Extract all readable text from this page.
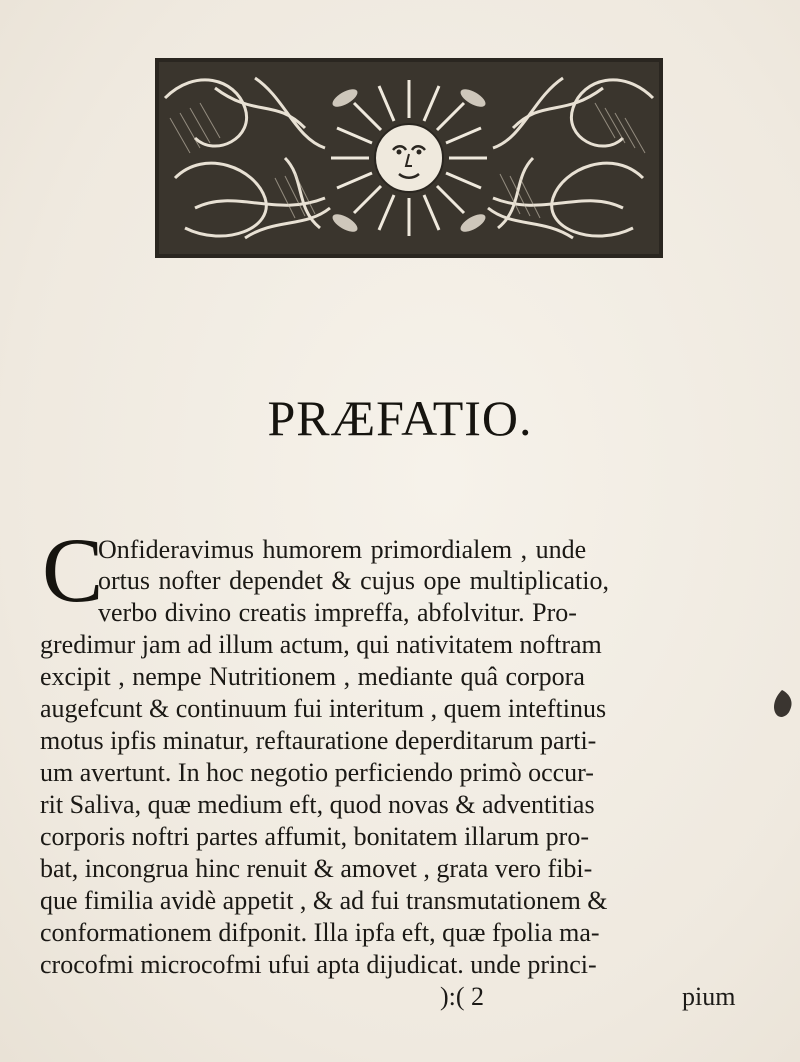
PRÆFATIO.
C
Onfideravimus humorem primordialem , unde
ortus nofter dependet & cujus ope multiplicatio,
verbo divino creatis impreffa, abfolvitur. Pro-
gredimur jam ad illum actum, qui nativitatem noftram
excipit , nempe Nutritionem , mediante quâ corpora
augefcunt & continuum fui interitum , quem inteftinus
motus ipfis minatur, reftauratione deperditarum parti-
um avertunt. In hoc negotio perficiendo primò occur-
rit Saliva, quæ medium eft, quod novas & adventitias
corporis noftri partes affumit, bonitatem illarum pro-
bat, incongrua hinc renuit & amovet , grata vero fibi-
que fimilia avidè appetit , & ad fui transmutationem &
conformationem difponit. Illa ipfa eft, quæ fpolia ma-
crocofmi microcofmi ufui apta dijudicat. unde princi-
):( 2	pium
